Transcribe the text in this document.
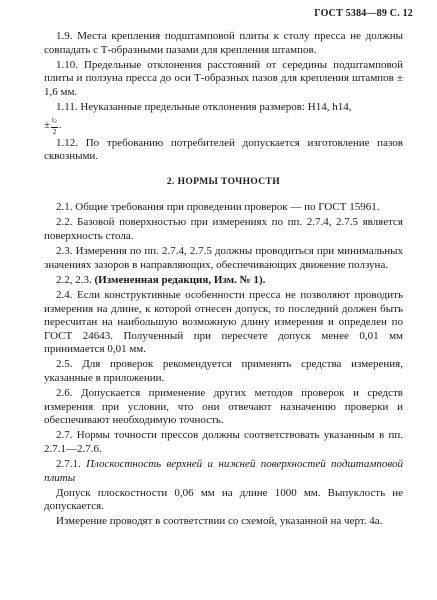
ГОСТ 5384—89 С. 12

1.9. Места крепления подштамповой плиты к столу пресса не должны совпадать с Т-образными пазами для крепления штампов.

1.10. Предельные отклонения расстояний от середины подштамповой плиты и ползуна пресса до оси Т-образных пазов для крепления штампов ± 1,6 мм.

1.11. Неуказанные предельные отклонения размеров: H14, h14,

± $\frac{t_2}{2}$ .

1.12. По требованию потребителей допускается изготовление пазов сквозными.

2. НОРМЫ ТОЧНОСТИ

2.1. Общие требования при проведении проверок — по ГОСТ 15961.

2.2. Базовой поверхностью при измерениях по пп. 2.7.4, 2.7.5 является поверхность стола.

2.3. Измерения по пп. 2.7.4, 2.7.5 должны проводиться при минимальных значениях зазоров в направляющих, обеспечивающих движение ползуна.

2.2, 2.3. (Измененная редакция, Изм. № 1).

2.4. Если конструктивные особенности пресса не позволяют проводить измерения на длине, к которой отнесен допуск, то последний должен быть пересчитан на наибольшую возможную длину измерения и определен по ГОСТ 24643. Полученный при пересчете допуск менее 0,01 мм принимается 0,01 мм.

2.5. Для проверок рекомендуется применять средства измерения, указанные в приложении.

2.6. Допускается применение других методов проверок и средств измерения при условии, что они отвечают назначению проверки и обеспечивают необходимую точность.

2.7. Нормы точности прессов должны соответствовать указанным в пп. 2.7.1—2.7.6.

2.7.1. Плоскостность верхней и нижней поверхностей подштамповой плиты

Допуск плоскостности 0,06 мм на длине 1000 мм. Выпуклость не допускается.

Измерение проводят в соответствии со схемой, указанной на черт. 4а.
